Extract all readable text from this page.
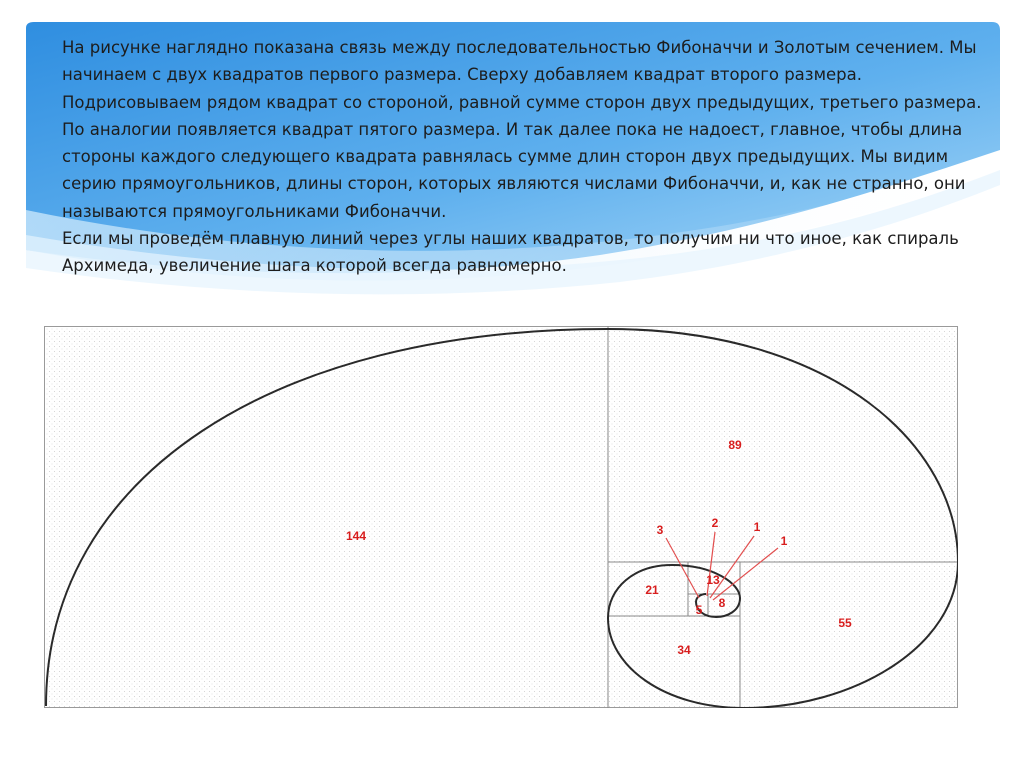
На рисунке наглядно показана связь между последовательностью Фибоначчи и Золотым сечением. Мы начинаем с двух квадратов первого размера. Сверху добавляем квадрат второго размера. Подрисовываем рядом квадрат со стороной, равной сумме сторон двух предыдущих, третьего размера. По аналогии появляется квадрат пятого размера. И так далее пока не надоест, главное, чтобы длина стороны каждого следующего квадрата равнялась сумме длин сторон двух предыдущих. Мы видим серию прямоугольников, длины сторон, которых являются числами Фибоначчи, и, как не странно, они называются прямоугольниками Фибоначчи.

Если мы проведём плавную линий через углы наших квадратов, то получим ни что иное, как спираль Архимеда, увеличение шага которой всегда равномерно.

144
89
55
34
21
13
8
5
3	2	1
1
